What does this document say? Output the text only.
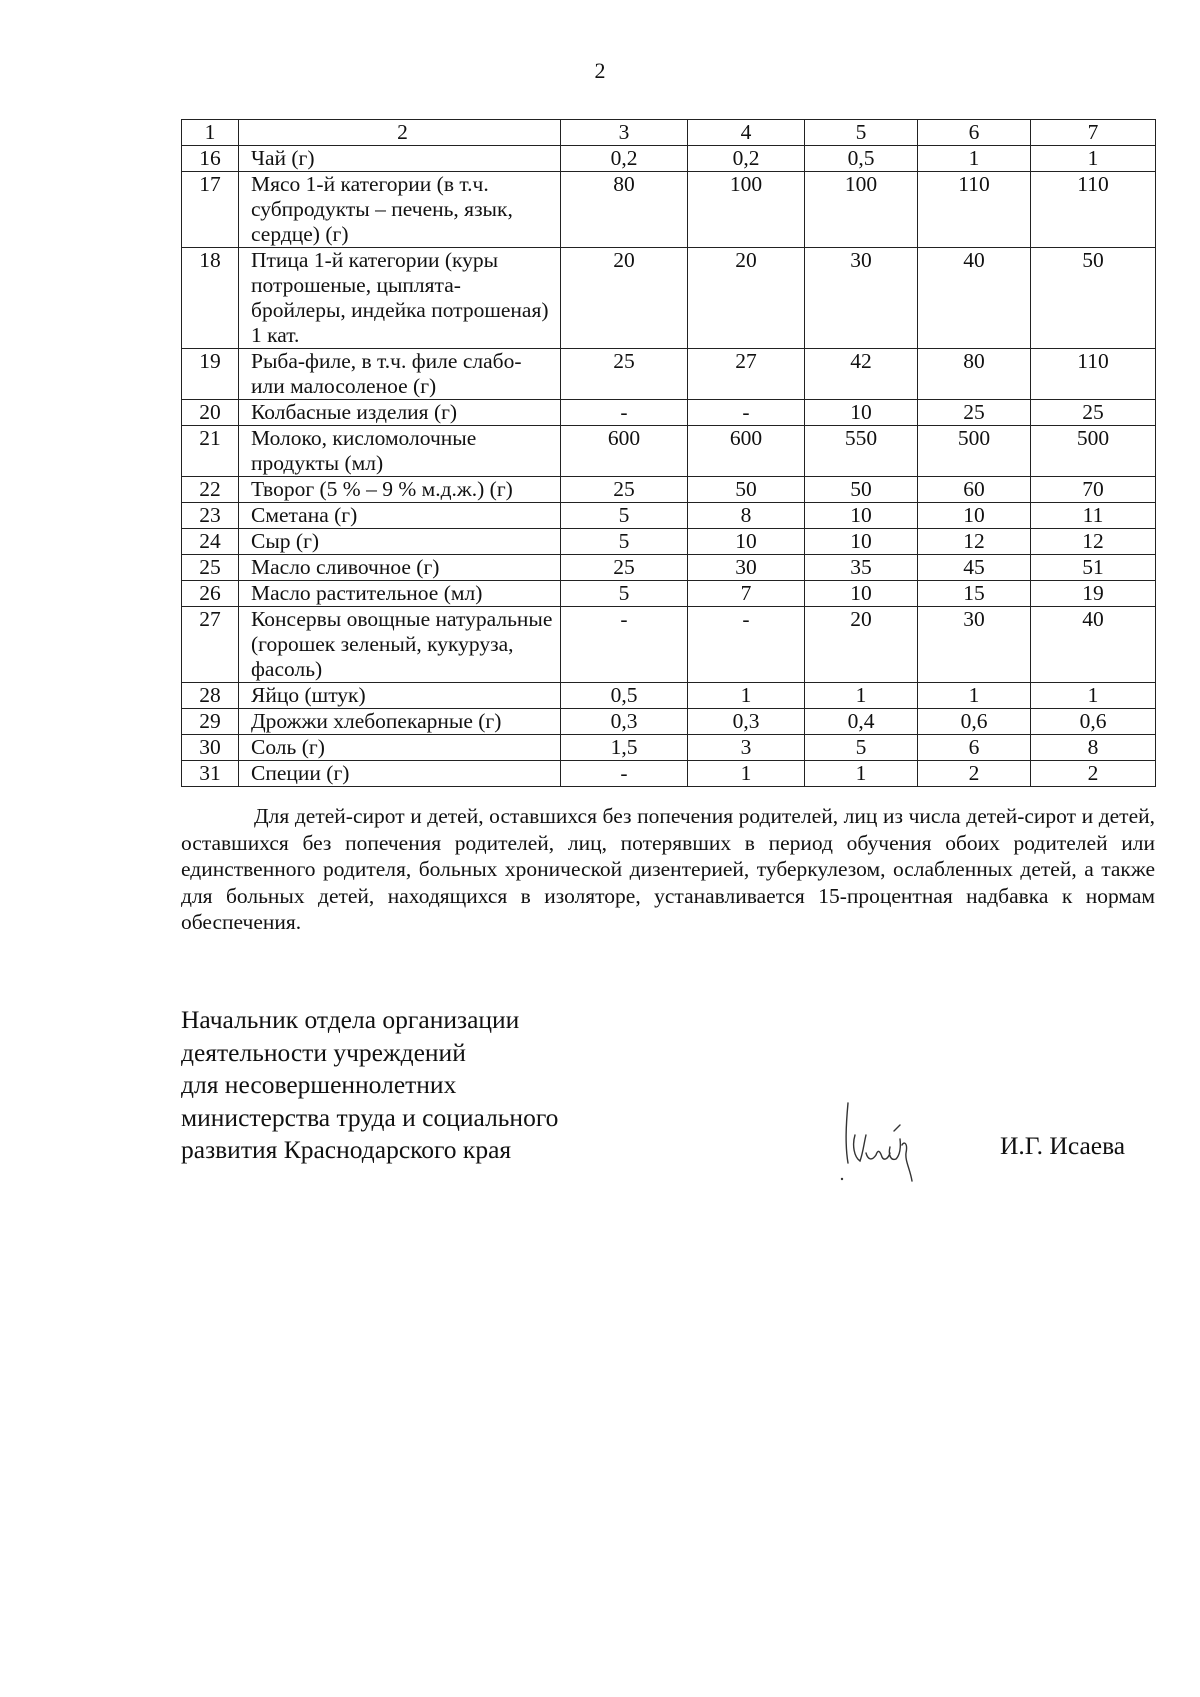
2
1	2	3	4	5	6	7
16	Чай (г)	0,2	0,2	0,5	1	1
17	Мясо 1-й категории (в т.ч. субпродукты – печень, язык, сердце) (г)	80	100	100	110	110
18	Птица 1-й категории (куры потрошеные, цыплята-бройлеры, индейка потрошеная) 1 кат.	20	20	30	40	50
19	Рыба-филе, в т.ч. филе слабо- или малосоленое (г)	25	27	42	80	110
20	Колбасные изделия (г)	-	-	10	25	25
21	Молоко, кисломолочные продукты (мл)	600	600	550	500	500
22	Творог (5 % – 9 % м.д.ж.) (г)	25	50	50	60	70
23	Сметана (г)	5	8	10	10	11
24	Сыр (г)	5	10	10	12	12
25	Масло сливочное (г)	25	30	35	45	51
26	Масло растительное (мл)	5	7	10	15	19
27	Консервы овощные натуральные (горошек зеленый, кукуруза, фасоль)	-	-	20	30	40
28	Яйцо (штук)	0,5	1	1	1	1
29	Дрожжи хлебопекарные (г)	0,3	0,3	0,4	0,6	0,6
30	Соль (г)	1,5	3	5	6	8
31	Специи (г)	-	1	1	2	2

Для детей-сирот и детей, оставшихся без попечения родителей, лиц из числа детей-сирот и детей, оставшихся без попечения родителей, лиц, потерявших в период обучения обоих родителей или единственного родителя, больных хронической дизентерией, туберкулезом, ослабленных детей, а также для больных детей, находящихся в изоляторе, устанавливается 15-процентная надбавка к нормам обеспечения.

Начальник отдела организации
деятельности учреждений
для несовершеннолетних
министерства труда и социального
развития Краснодарского края	И.Г. Исаева
